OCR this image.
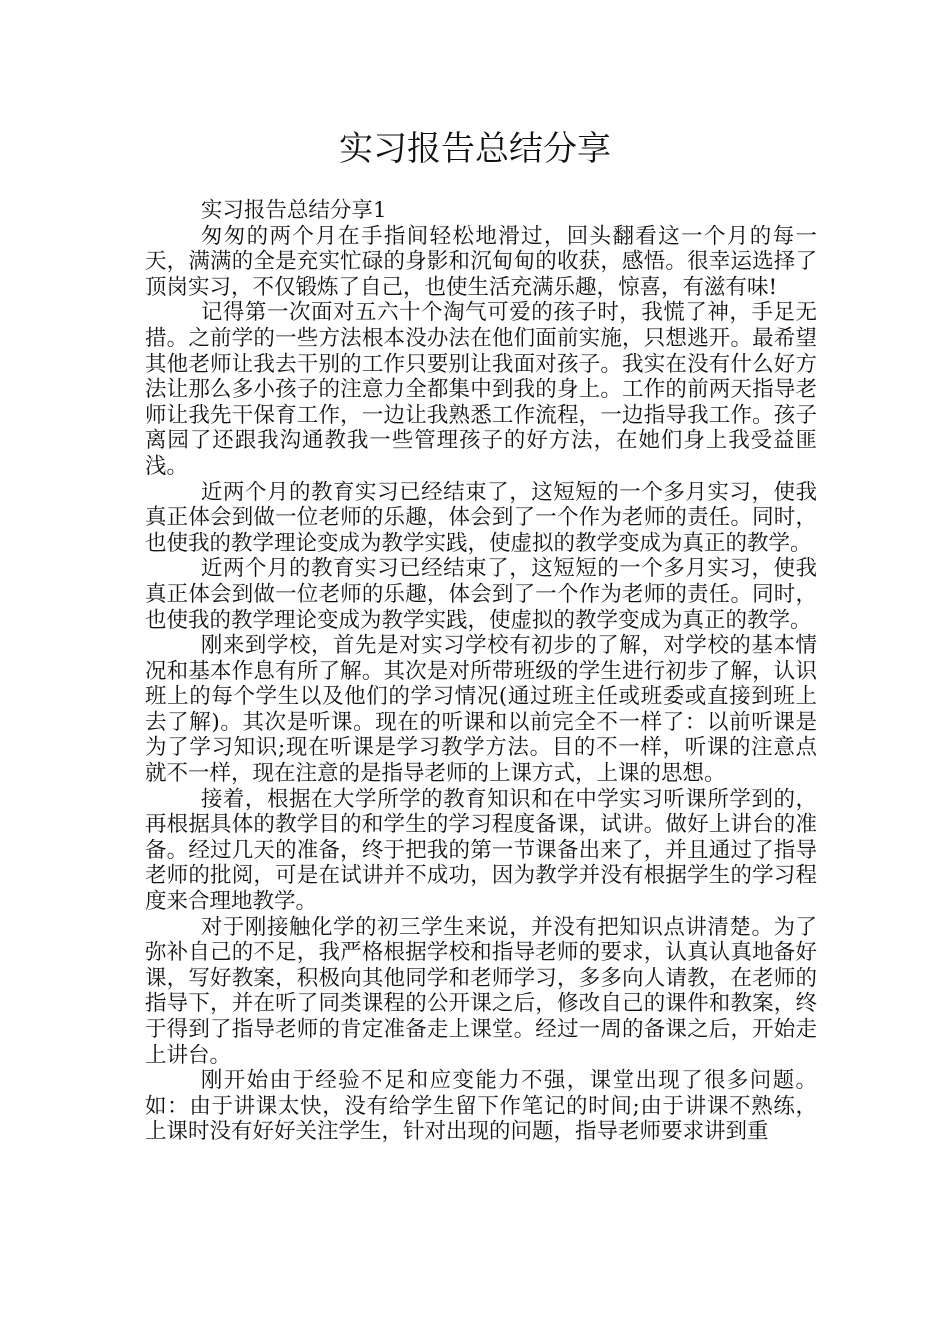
实习报告总结分享

实习报告总结分享1

匆匆的两个月在手指间轻松地滑过，回头翻看这一个月的每一天，满满的全是充实忙碌的身影和沉甸甸的收获，感悟。很幸运选择了顶岗实习，不仅锻炼了自己，也使生活充满乐趣，惊喜，有滋有味!

记得第一次面对五六十个淘气可爱的孩子时，我慌了神，手足无措。之前学的一些方法根本没办法在他们面前实施，只想逃开。最希望其他老师让我去干别的工作只要别让我面对孩子。我实在没有什么好方法让那么多小孩子的注意力全都集中到我的身上。工作的前两天指导老师让我先干保育工作，一边让我熟悉工作流程，一边指导我工作。孩子离园了还跟我沟通教我一些管理孩子的好方法，在她们身上我受益匪浅。

近两个月的教育实习已经结束了，这短短的一个多月实习，使我真正体会到做一位老师的乐趣，体会到了一个作为老师的责任。同时，也使我的教学理论变成为教学实践，使虚拟的教学变成为真正的教学。

近两个月的教育实习已经结束了，这短短的一个多月实习，使我真正体会到做一位老师的乐趣，体会到了一个作为老师的责任。同时，也使我的教学理论变成为教学实践，使虚拟的教学变成为真正的教学。

刚来到学校，首先是对实习学校有初步的了解，对学校的基本情况和基本作息有所了解。其次是对所带班级的学生进行初步了解，认识班上的每个学生以及他们的学习情况(通过班主任或班委或直接到班上去了解)。其次是听课。现在的听课和以前完全不一样了：以前听课是为了学习知识;现在听课是学习教学方法。目的不一样，听课的注意点就不一样，现在注意的是指导老师的上课方式，上课的思想。

接着，根据在大学所学的教育知识和在中学实习听课所学到的，再根据具体的教学目的和学生的学习程度备课，试讲。做好上讲台的准备。经过几天的准备，终于把我的第一节课备出来了，并且通过了指导老师的批阅，可是在试讲并不成功，因为教学并没有根据学生的学习程度来合理地教学。

对于刚接触化学的初三学生来说，并没有把知识点讲清楚。为了弥补自己的不足，我严格根据学校和指导老师的要求，认真认真地备好课，写好教案，积极向其他同学和老师学习，多多向人请教，在老师的指导下，并在听了同类课程的公开课之后，修改自己的课件和教案，终于得到了指导老师的肯定准备走上课堂。经过一周的备课之后，开始走上讲台。

刚开始由于经验不足和应变能力不强，课堂出现了很多问题。如：由于讲课太快，没有给学生留下作笔记的时间;由于讲课不熟练，上课时没有好好关注学生，针对出现的问题，指导老师要求讲到重
